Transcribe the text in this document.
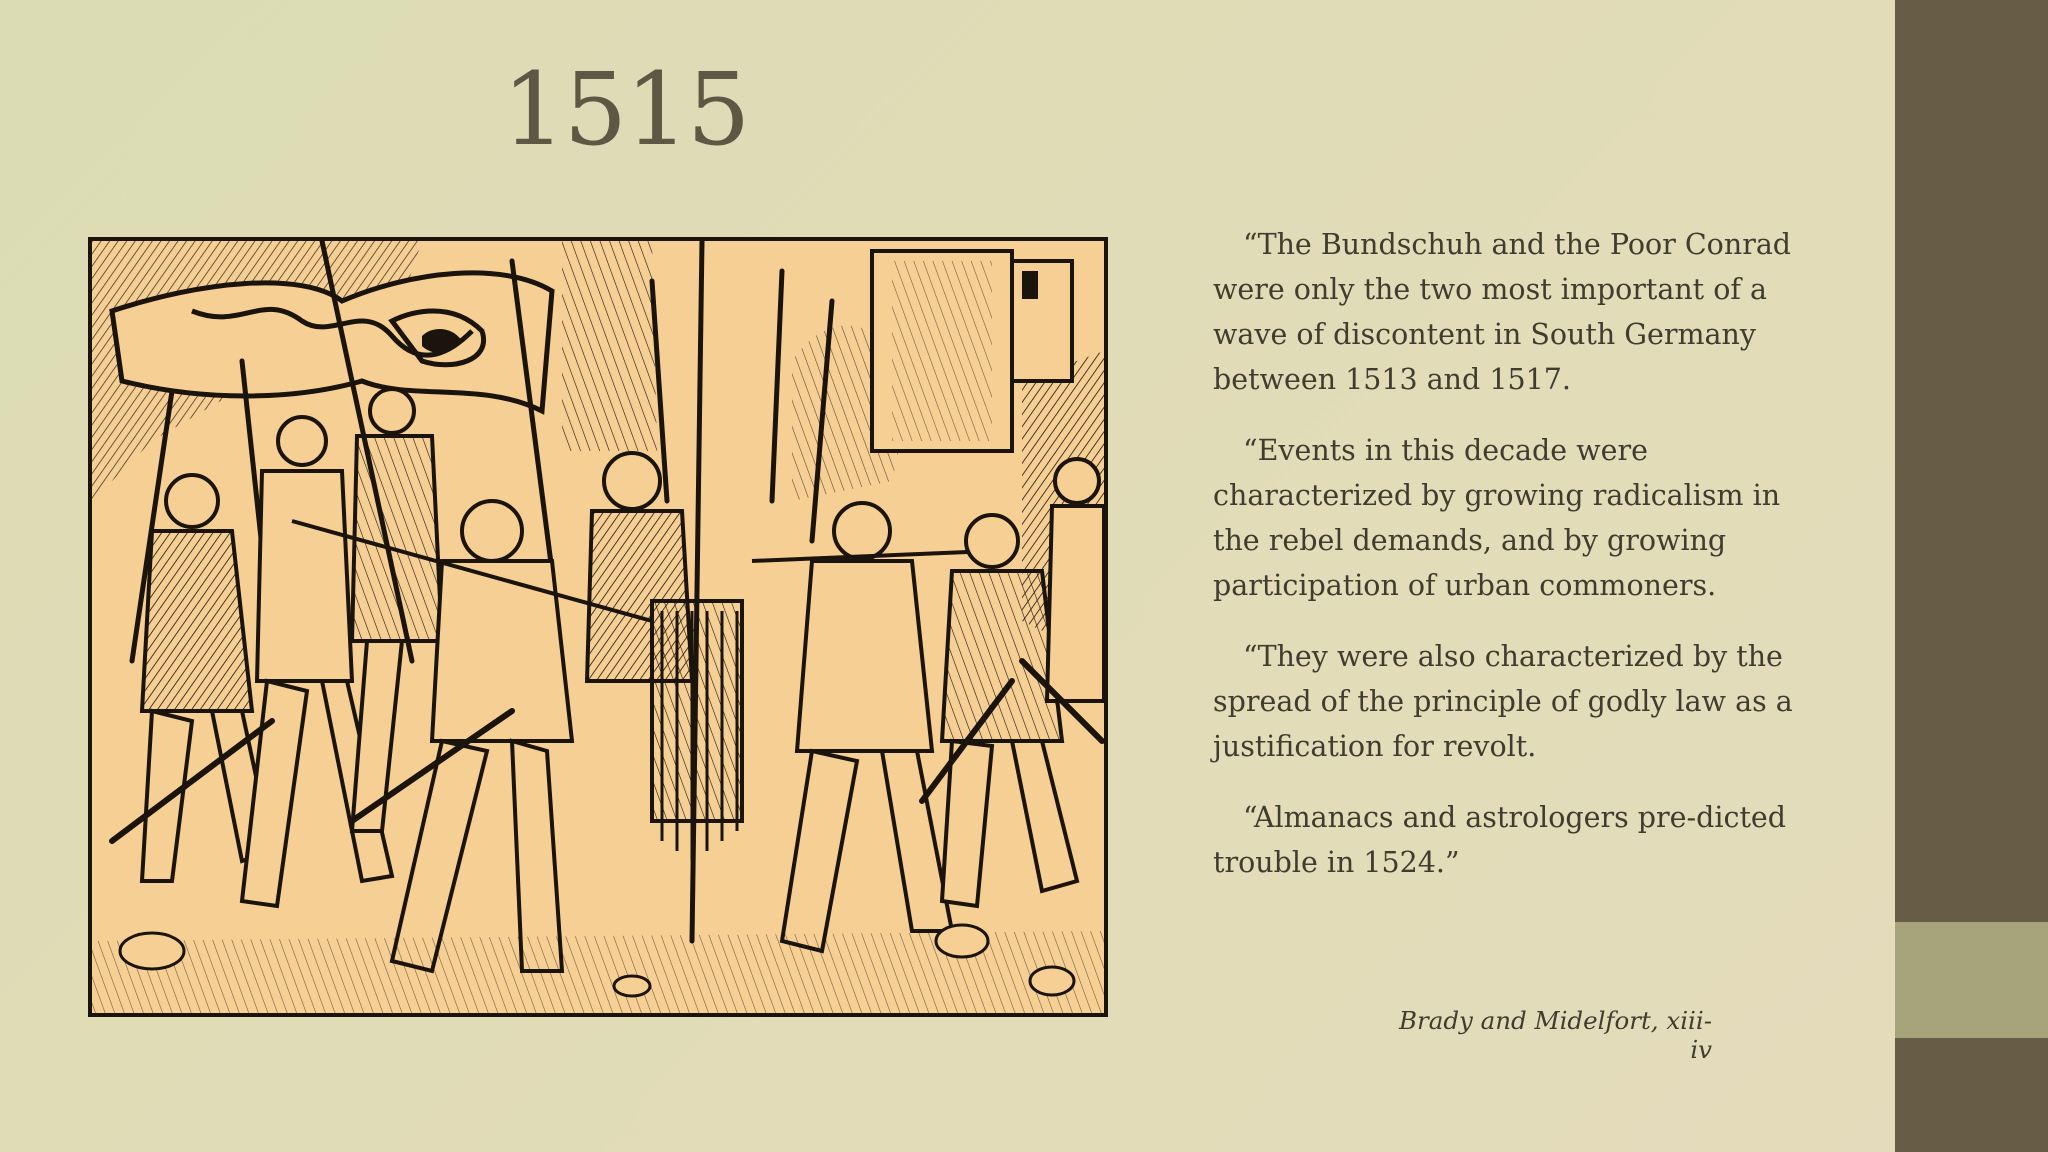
1515

“The Bundschuh and the Poor Conrad were only the two most important of a wave of discontent in South Germany between 1513 and 1517.

“Events in this decade were characterized by growing radicalism in the rebel demands, and by growing participation of urban commoners.

“They were also characterized by the spread of the principle of godly law as a justification for revolt.

“Almanacs and astrologers pre-dicted trouble in 1524.”

Brady and Midelfort, xiii-iv
